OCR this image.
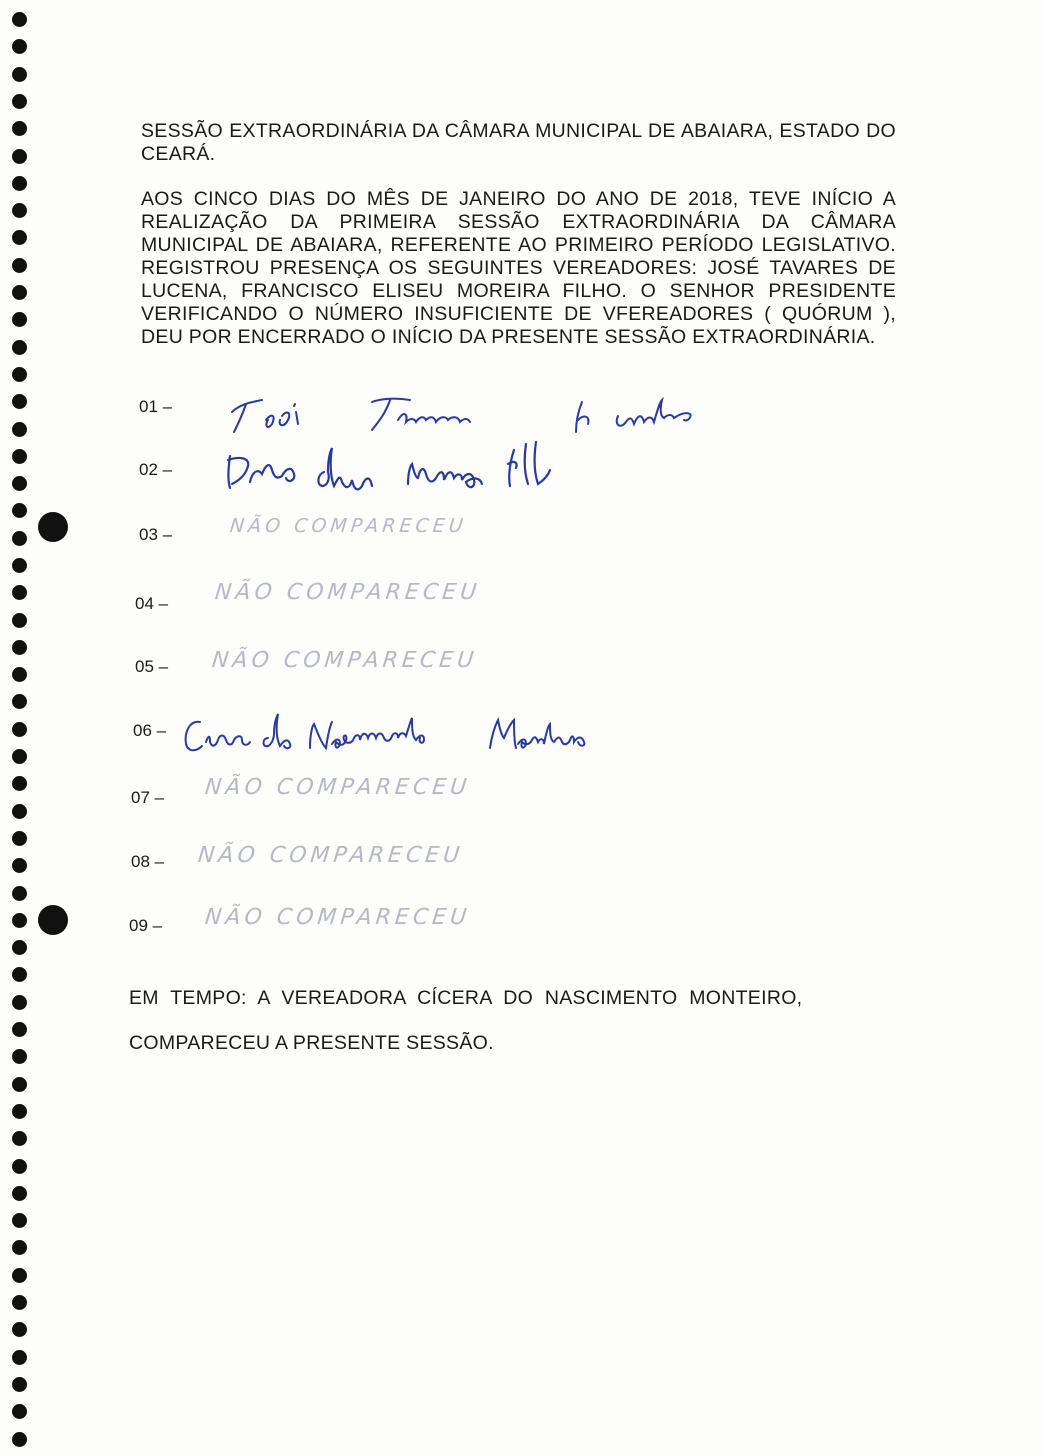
SESSÃO EXTRAORDINÁRIA DA CÂMARA MUNICIPAL DE ABAIARA, ESTADO DO CEARÁ.
AOS CINCO DIAS DO MÊS DE JANEIRO DO ANO DE 2018, TEVE INÍCIO A REALIZAÇÃO DA PRIMEIRA SESSÃO EXTRAORDINÁRIA DA CÂMARA MUNICIPAL DE ABAIARA, REFERENTE AO PRIMEIRO PERÍODO LEGISLATIVO. REGISTROU PRESENÇA OS SEGUINTES VEREADORES: JOSÉ TAVARES DE LUCENA, FRANCISCO ELISEU MOREIRA FILHO. O SENHOR PRESIDENTE VERIFICANDO O NÚMERO INSUFICIENTE DE VFEREADORES ( QUÓRUM ), DEU POR ENCERRADO O INÍCIO DA PRESENTE SESSÃO EXTRAORDINÁRIA.
01 –
02 –
03 –	NÃO COMPARECEU
04 – NÃO COMPARECEU
05 – NÃO COMPARECEU
06 –
07 – NÃO COMPARECEU
08 – NÃO COMPARECEU
09 – NÃO COMPARECEU
EM TEMPO: A VEREADORA CÍCERA DO NASCIMENTO MONTEIRO,
COMPARECEU A PRESENTE SESSÃO.
